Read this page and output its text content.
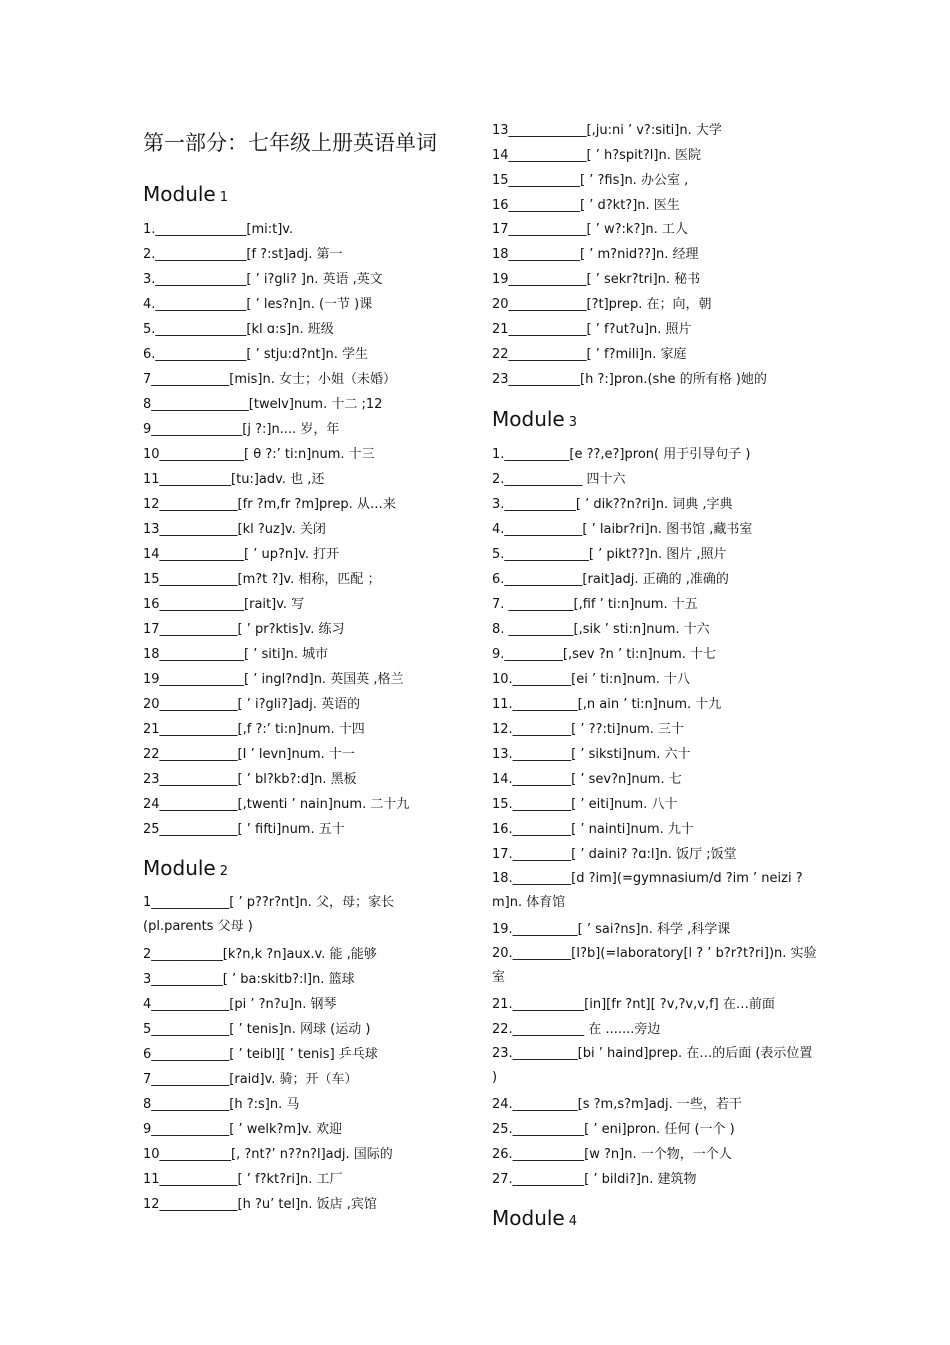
第一部分：七年级上册英语单词
Module 1
1.______________[mi:t]v.
2.______________[f ?:st]adj. 第一
3.______________[ ’ i?gli? ]n. 英语 ,英文
4.______________[ ’ les?n]n. (一节 )课
5.______________[kl ɑ:s]n. 班级
6.______________[ ’ stju:d?nt]n. 学生
7____________[mis]n. 女士；小姐（未婚）
8_______________[twelv]num. 十二 ;12
9______________[j ?:]n.... 岁，年
10_____________[ θ ?:’ ti:n]num. 十三
11___________[tu:]adv. 也 ,还
12____________[fr ?m,fr ?m]prep. 从…来
13____________[kl ?uz]v. 关闭
14_____________[ ’ up?n]v. 打开
15____________[m?t ?]v. 相称，匹配 ；
16_____________[rait]v. 写
17____________[ ’ pr?ktis]v. 练习
18_____________[ ’ siti]n. 城市
19_____________[ ’ ingl?nd]n. 英国英 ,格兰
20____________[ ’ i?gli?]adj. 英语的
21____________[,f ?:’ ti:n]num. 十四
22____________[I ’ levn]num. 十一
23____________[ ’ bl?kb?:d]n. 黑板
24____________[,twenti ’ nain]num. 二十九
25____________[ ’ fifti]num. 五十
Module 2
1____________[ ’ p??r?nt]n. 父，母；家长 (pl.parents 父母 )
2___________[k?n,k ?n]aux.v. 能 ,能够
3___________[ ’ ba:skitb?:l]n. 篮球
4____________[pi ’ ?n?u]n. 钢琴
5____________[ ’ tenis]n. 网球 (运动 )
6____________[ ’ teibl][ ’ tenis] 乒乓球
7____________[raid]v. 骑；开（车）
8____________[h ?:s]n. 马
9____________[ ’ welk?m]v. 欢迎
10___________[, ?nt?’ n??n?l]adj. 国际的
11____________[ ’ f?kt?ri]n. 工厂
12____________[h ?u’ tel]n. 饭店 ,宾馆
13____________[,ju:ni ’ v?:siti]n. 大学
14____________[ ’ h?spit?l]n. 医院
15___________[ ’ ?fis]n. 办公室 ,
16___________[ ’ d?kt?]n. 医生
17____________[ ’ w?:k?]n. 工人
18___________[ ’ m?nid??]n. 经理
19____________[ ’ sekr?tri]n. 秘书
20____________[?t]prep. 在；向，朝
21____________[ ’ f?ut?u]n. 照片
22____________[ ’ f?mili]n. 家庭
23___________[h ?:]pron.(she 的所有格 )她的
Module 3
1.__________[e ??,e?]pron( 用于引导句子 )
2.____________ 四十六
3.___________[ ’ dik??n?ri]n. 词典 ,字典
4.____________[ ’ laibr?ri]n. 图书馆 ,藏书室
5._____________[ ’ pikt??]n. 图片 ,照片
6.____________[rait]adj. 正确的 ,准确的
7. __________[,fif ’ ti:n]num. 十五
8. __________[,sik ’ sti:n]num. 十六
9._________[,sev ?n ’ ti:n]num. 十七
10._________[ei ’ ti:n]num. 十八
11.__________[,n ain ’ ti:n]num. 十九
12._________[ ’ ??:ti]num. 三十
13._________[ ’ siksti]num. 六十
14._________[ ’ sev?n]num. 七
15._________[ ’ eiti]num. 八十
16._________[ ’ nainti]num. 九十
17._________[ ’ daini? ?ɑ:l]n. 饭厅 ;饭堂
18._________[d ?im](=gymnasium/d ?im ’ neizi ?m]n. 体育馆
19.__________[ ’ sai?ns]n. 科学 ,科学课
20._________[I?b](=laboratory[l ? ’ b?r?t?ri])n. 实验室
21.___________[in][fr ?nt][ ?v,?v,v,f] 在…前面
22.___________ 在 .......旁边
23.__________[bi ’ haind]prep. 在…的后面 (表示位置 )
24.__________[s ?m,s?m]adj. 一些，若干
25.___________[ ’ eni]pron. 任何 (一个 )
26.___________[w ?n]n. 一个物，一个人
27.___________[ ’ bildi?]n. 建筑物
Module 4
